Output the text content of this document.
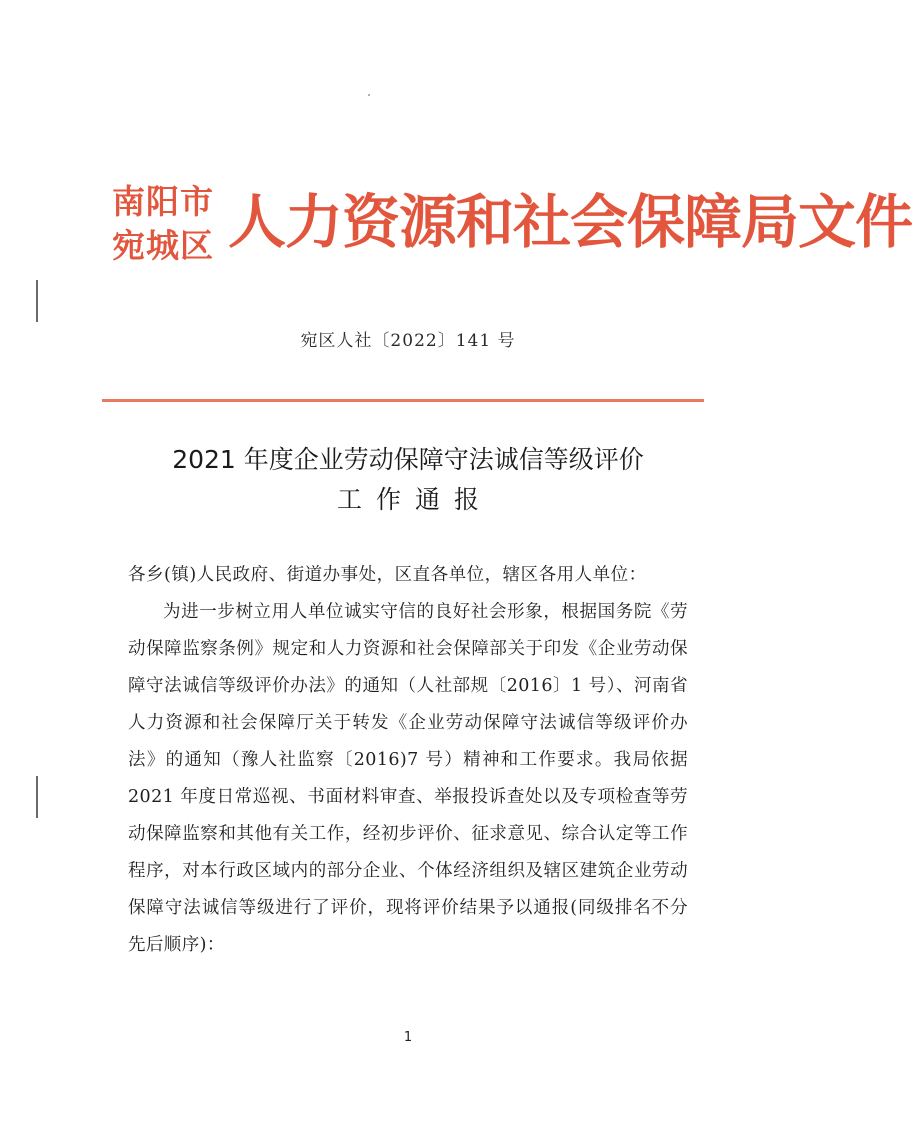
南阳市
宛城区 人力资源和社会保障局文件
宛区人社〔2022〕141 号
2021 年度企业劳动保障守法诚信等级评价
工作通报

各乡(镇)人民政府、街道办事处，区直各单位，辖区各用人单位：

为进一步树立用人单位诚实守信的良好社会形象，根据国务院《劳动保障监察条例》规定和人力资源和社会保障部关于印发《企业劳动保障守法诚信等级评价办法》的通知（人社部规〔2016〕1 号）、河南省人力资源和社会保障厅关于转发《企业劳动保障守法诚信等级评价办法》的通知（豫人社监察〔2016)7 号）精神和工作要求。我局依据 2021 年度日常巡视、书面材料审查、举报投诉查处以及专项检查等劳动保障监察和其他有关工作，经初步评价、征求意见、综合认定等工作程序，对本行政区域内的部分企业、个体经济组织及辖区建筑企业劳动保障守法诚信等级进行了评价，现将评价结果予以通报(同级排名不分先后顺序)：

1
